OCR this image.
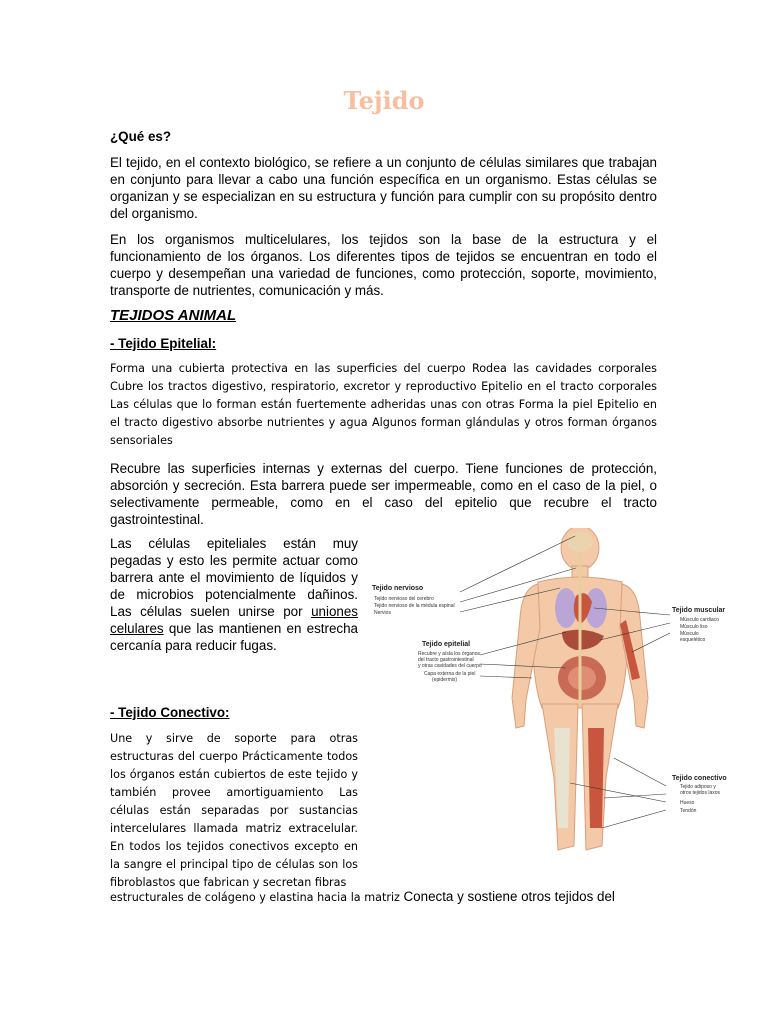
Tejido
¿Qué es?
El tejido, en el contexto biológico, se refiere a un conjunto de células similares que trabajan en conjunto para llevar a cabo una función específica en un organismo. Estas células se organizan y se especializan en su estructura y función para cumplir con su propósito dentro del organismo.
En los organismos multicelulares, los tejidos son la base de la estructura y el funcionamiento de los órganos. Los diferentes tipos de tejidos se encuentran en todo el cuerpo y desempeñan una variedad de funciones, como protección, soporte, movimiento, transporte de nutrientes, comunicación y más.
TEJIDOS ANIMAL
- Tejido Epitelial:
Forma una cubierta protectiva en las superficies del cuerpo Rodea las cavidades corporales Cubre los tractos digestivo, respiratorio, excretor y reproductivo Epitelio en el tracto corporales Las células que lo forman están fuertemente adheridas unas con otras Forma la piel Epitelio en el tracto digestivo absorbe nutrientes y agua Algunos forman glándulas y otros forman órganos sensoriales
Recubre las superficies internas y externas del cuerpo. Tiene funciones de protección, absorción y secreción. Esta barrera puede ser impermeable, como en el caso de la piel, o selectivamente permeable, como en el caso del epitelio que recubre el tracto gastrointestinal.
Las células epiteliales están muy pegadas y esto les permite actuar como barrera ante el movimiento de líquidos y de microbios potencialmente dañinos. Las células suelen unirse por uniones celulares que las mantienen en estrecha cercanía para reducir fugas.
- Tejido Conectivo:
Une y sirve de soporte para otras estructuras del cuerpo Prácticamente todos los órganos están cubiertos de este tejido y también provee amortiguamiento Las células están separadas por sustancias intercelulares llamada matriz extracelular. En todos los tejidos conectivos excepto en la sangre el principal tipo de células son los fibroblastos que fabrican y secretan fibras
estructurales de colágeno y elastina hacia la matriz Conecta y sostiene otros tejidos del
Tejido nervioso
Tejido nervioso del cerebro
Tejido nervioso de la médula espinal
Nervios
Tejido epitelial
Recubre y aísla los órganos
del tracto gastrointestinal
y otras cavidades del cuerpo
Capa externa de la piel
(epidermis)
Tejido muscular
Músculo cardiaco
Músculo liso
Músculo
esquelético
Tejido conectivo
Tejido adiposo y
otros tejidos laxos
Hueso
Tendón
